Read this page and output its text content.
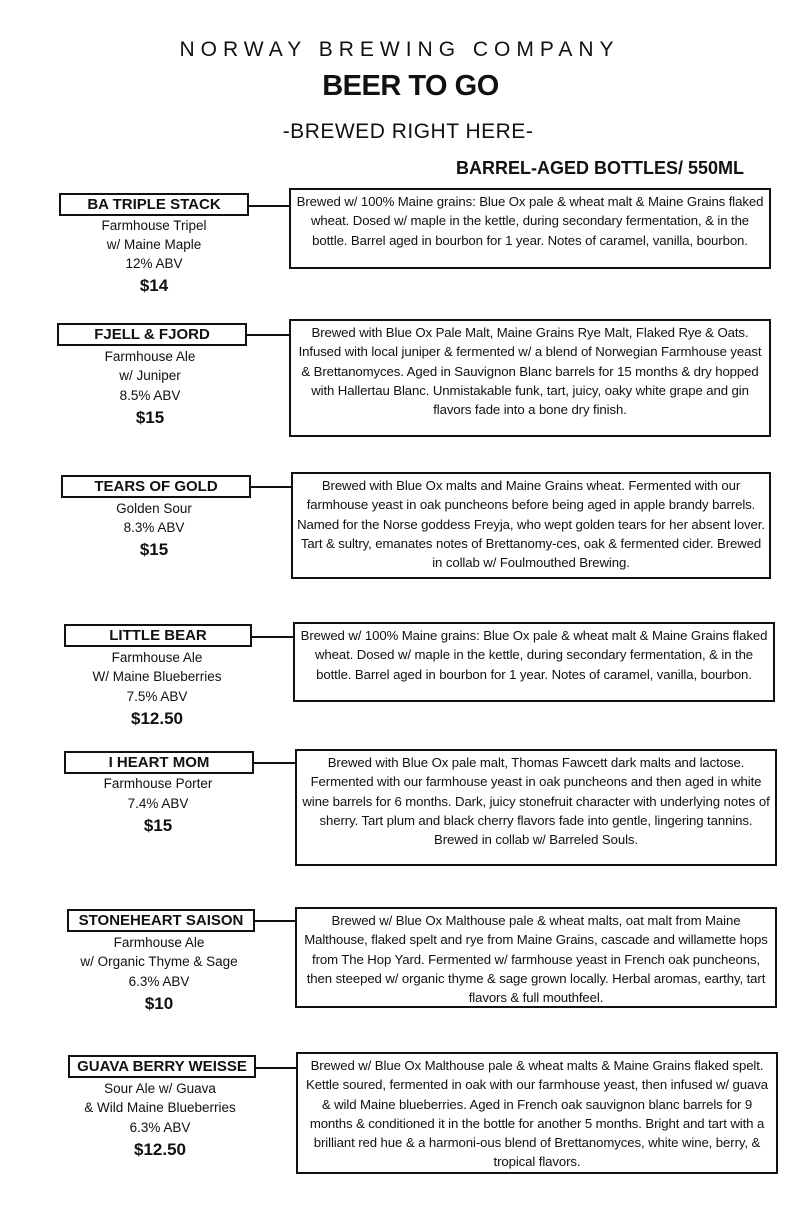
NORWAY BREWING COMPANY
BEER TO GO
-BREWED RIGHT HERE-
BARREL-AGED BOTTLES/ 550ML
BA TRIPLE STACK
Farmhouse Tripel
w/ Maine Maple
12% ABV
$14
Brewed w/ 100% Maine grains: Blue Ox pale & wheat malt & Maine Grains flaked wheat. Dosed w/ maple in the kettle, during secondary fermentation, & in the bottle. Barrel aged in bourbon for 1 year. Notes of caramel, vanilla, bourbon.
FJELL & FJORD
Farmhouse Ale
w/ Juniper
8.5% ABV
$15
Brewed with Blue Ox Pale Malt, Maine Grains Rye Malt, Flaked Rye & Oats. Infused with local juniper & fermented w/ a blend of Norwegian Farmhouse yeast & Brettanomyces. Aged in Sauvignon Blanc barrels for 15 months & dry hopped with Hallertau Blanc. Unmistakable funk, tart, juicy, oaky white grape and gin flavors fade into a bone dry finish.
TEARS OF GOLD
Golden Sour
8.3% ABV
$15
Brewed with Blue Ox malts and Maine Grains wheat. Fermented with our farmhouse yeast in oak puncheons before being aged in apple brandy barrels. Named for the Norse goddess Freyja, who wept golden tears for her absent lover. Tart & sultry, emanates notes of Brettanomy-ces, oak & fermented cider. Brewed in collab w/ Foulmouthed Brewing.
LITTLE BEAR
Farmhouse Ale
W/ Maine Blueberries
7.5% ABV
$12.50
Brewed w/ 100% Maine grains: Blue Ox pale & wheat malt & Maine Grains flaked wheat. Dosed w/ maple in the kettle, during secondary fermentation, & in the bottle. Barrel aged in bourbon for 1 year. Notes of caramel, vanilla, bourbon.
I HEART MOM
Farmhouse Porter
7.4% ABV
$15
Brewed with Blue Ox pale malt, Thomas Fawcett dark malts and lactose. Fermented with our farmhouse yeast in oak puncheons and then aged in white wine barrels for 6 months. Dark, juicy stonefruit character with underlying notes of sherry. Tart plum and black cherry flavors fade into gentle, lingering tannins. Brewed in collab w/ Barreled Souls.
STONEHEART SAISON
Farmhouse Ale
w/ Organic Thyme & Sage
6.3% ABV
$10
Brewed w/ Blue Ox Malthouse pale & wheat malts, oat malt from Maine Malthouse, flaked spelt and rye from Maine Grains, cascade and willamette hops from The Hop Yard. Fermented w/ farmhouse yeast in French oak puncheons, then steeped w/ organic thyme & sage grown locally. Herbal aromas, earthy, tart flavors & full mouthfeel.
GUAVA BERRY WEISSE
Sour Ale w/ Guava
& Wild Maine Blueberries
6.3% ABV
$12.50
Brewed w/ Blue Ox Malthouse pale & wheat malts & Maine Grains flaked spelt. Kettle soured, fermented in oak with our farmhouse yeast, then infused w/ guava & wild Maine blueberries. Aged in French oak sauvignon blanc barrels for 9 months & conditioned it in the bottle for another 5 months. Bright and tart with a brilliant red hue & a harmoni-ous blend of Brettanomyces, white wine, berry, & tropical flavors.
